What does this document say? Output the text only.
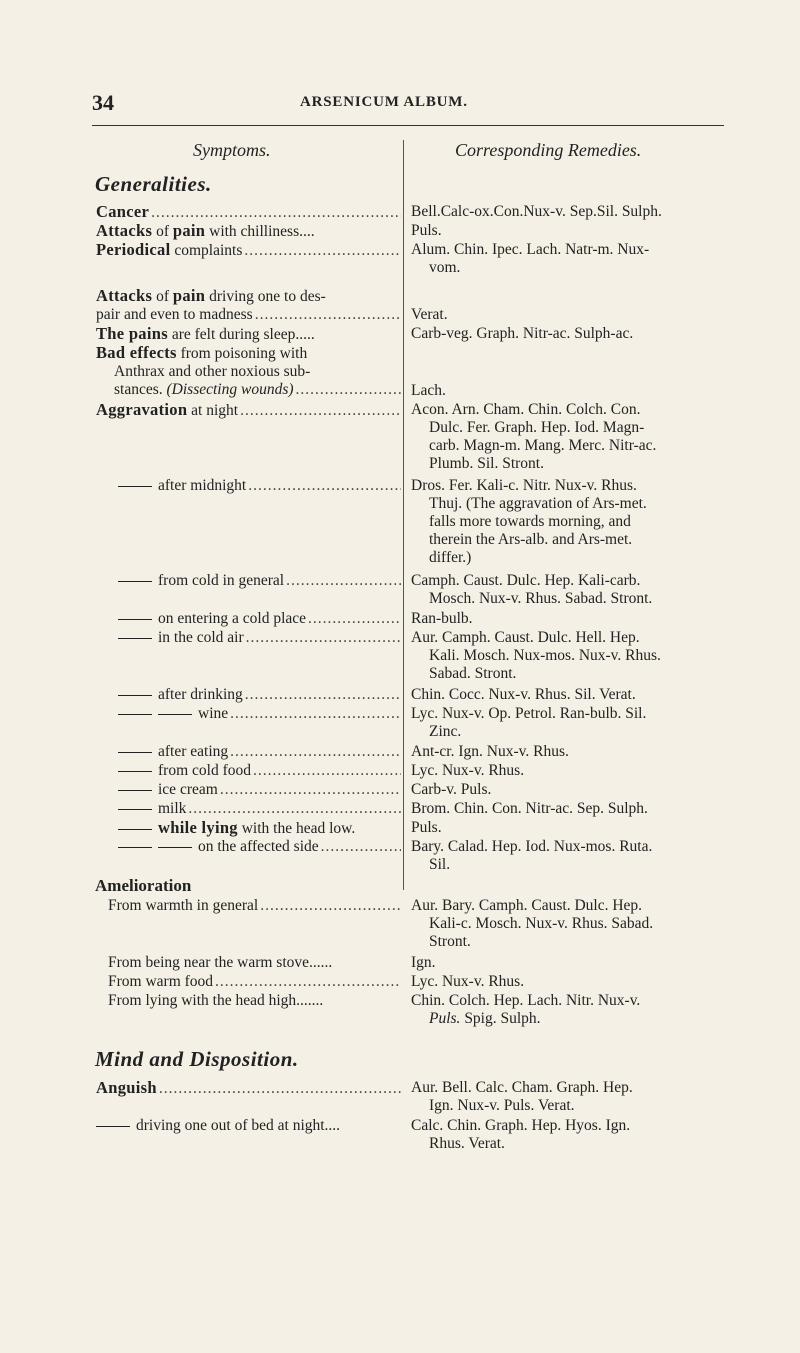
34	ARSENICUM ALBUM.
Symptoms.	Corresponding Remedies.
Generalities.
Cancer .....	Bell.Calc-ox.Con.Nux-v. Sep.Sil. Sulph.
Attacks of pain with chilliness....	Puls.
Periodical complaints .....	Alum. Chin. Ipec. Lach. Natr-m. Nux-
vom.
Attacks of pain driving one to des-
pair and even to madness .....	Verat.
The pains are felt during sleep.....	Carb-veg. Graph. Nitr-ac. Sulph-ac.
Bad effects from poisoning with
Anthrax and other noxious sub-
stances. (Dissecting wounds) .....	Lach.
Aggravation at night .....	Acon. Arn. Cham. Chin. Colch. Con.
Dulc. Fer. Graph. Hep. Iod. Magn-
carb. Magn-m. Mang. Merc. Nitr-ac.
Plumb. Sil. Stront.
after midnight .....	Dros. Fer. Kali-c. Nitr. Nux-v. Rhus.
Thuj. (The aggravation of Ars-met.
falls more towards morning, and
therein the Ars-alb. and Ars-met.
differ.)
from cold in general .....	Camph. Caust. Dulc. Hep. Kali-carb.
Mosch. Nux-v. Rhus. Sabad. Stront.
on entering a cold place .....	Ran-bulb.
in the cold air .....	Aur. Camph. Caust. Dulc. Hell. Hep.
Kali. Mosch. Nux-mos. Nux-v. Rhus.
Sabad. Stront.
after drinking .....	Chin. Cocc. Nux-v. Rhus. Sil. Verat.
wine .....	Lyc. Nux-v. Op. Petrol. Ran-bulb. Sil.
Zinc.
after eating .....	Ant-cr. Ign. Nux-v. Rhus.
from cold food .....	Lyc. Nux-v. Rhus.
ice cream .....	Carb-v. Puls.
milk .....	Brom. Chin. Con. Nitr-ac. Sep. Sulph.
while lying with the head low.	Puls.
on the affected side .....	Bary. Calad. Hep. Iod. Nux-mos. Ruta.
Sil.
Amelioration
From warmth in general .....	Aur. Bary. Camph. Caust. Dulc. Hep.
Kali-c. Mosch. Nux-v. Rhus. Sabad.
Stront.
From being near the warm stove......	Ign.
From warm food .....	Lyc. Nux-v. Rhus.
From lying with the head high.......	Chin. Colch. Hep. Lach. Nitr. Nux-v.
Puls. Spig. Sulph.
Mind and Disposition.
Anguish .....	Aur. Bell. Calc. Cham. Graph. Hep.
Ign. Nux-v. Puls. Verat.
driving one out of bed at night....	Calc. Chin. Graph. Hep. Hyos. Ign.
Rhus. Verat.
